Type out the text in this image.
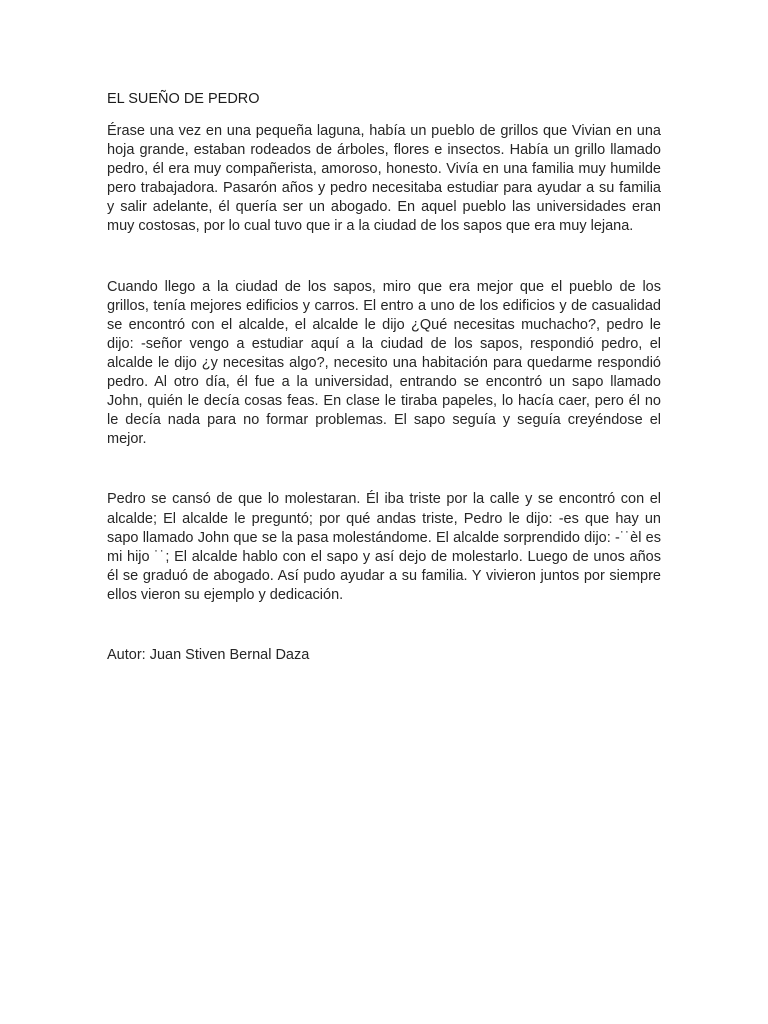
EL SUEÑO DE PEDRO

Érase una vez en una pequeña laguna, había un pueblo de grillos que Vivian en una hoja grande, estaban rodeados de árboles, flores e insectos. Había un grillo llamado pedro, él era muy compañerista, amoroso, honesto. Vivía en una familia muy humilde pero trabajadora. Pasarón años y pedro necesitaba estudiar para ayudar a su familia y salir adelante, él quería ser un abogado. En aquel pueblo las universidades eran muy costosas, por lo cual tuvo que ir a la ciudad de los sapos que era muy lejana.

Cuando llego a la ciudad de los sapos, miro que era mejor que el pueblo de los grillos, tenía mejores edificios y carros. El entro a uno de los edificios y de casualidad se encontró con el alcalde, el alcalde le dijo ¿Qué necesitas muchacho?, pedro le dijo: -señor vengo a estudiar aquí a la ciudad de los sapos, respondió pedro, el alcalde le dijo ¿y necesitas algo?, necesito una habitación para quedarme respondió pedro. Al otro día, él fue a la universidad, entrando se encontró un sapo llamado John, quién le decía cosas feas. En clase le tiraba papeles, lo hacía caer, pero él no le decía nada para no formar problemas. El sapo seguía y seguía creyéndose el mejor.

Pedro se cansó de que lo molestaran. Él iba triste por la calle y se encontró con el alcalde; El alcalde le preguntó; por qué andas triste, Pedro le dijo: -es que hay un sapo llamado John que se la pasa molestándome. El alcalde sorprendido dijo: -˙˙èl es mi hijo ˙˙; El alcalde hablo con el sapo y así dejo de molestarlo. Luego de unos años él se graduó de abogado. Así pudo ayudar a su familia. Y vivieron juntos por siempre ellos vieron su ejemplo y dedicación.

Autor: Juan Stiven Bernal Daza
